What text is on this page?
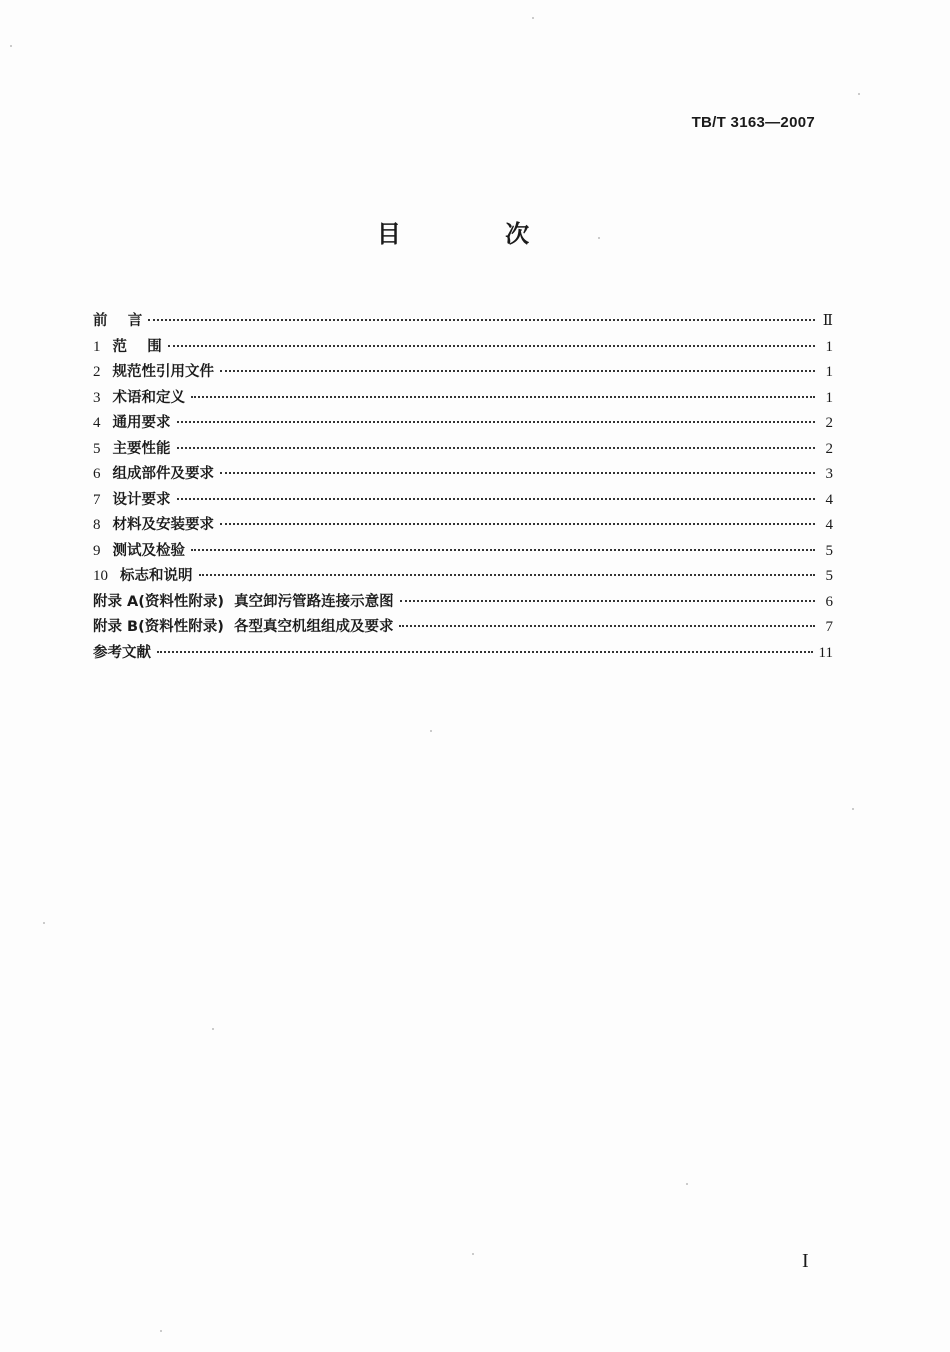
TB/T 3163—2007
目 次
前    言	Ⅱ
1 范    围	1
2 规范性引用文件	1
3 术语和定义	1
4 通用要求	2
5 主要性能	2
6 组成部件及要求	3
7 设计要求	4
8 材料及安装要求	4
9 测试及检验	5
10 标志和说明	5
附录 A(资料性附录)  真空卸污管路连接示意图	6
附录 B(资料性附录)  各型真空机组组成及要求	7
参考文献	11
I
